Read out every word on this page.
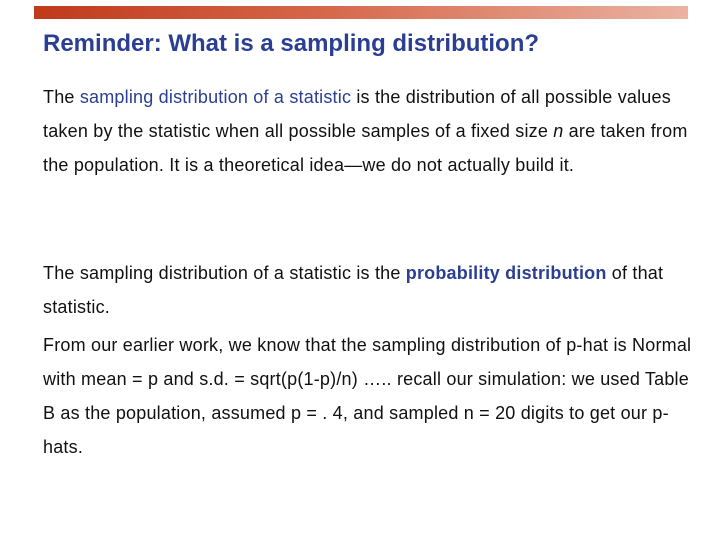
Reminder: What is a sampling distribution?
The sampling distribution of a statistic is the distribution of all possible values taken by the statistic when all possible samples of a fixed size n are taken from the population. It is a theoretical idea—we do not actually build it.
The sampling distribution of a statistic is the probability distribution of that statistic.
From our earlier work, we know that the sampling distribution of p-hat is Normal with mean = p and s.d. = sqrt(p(1-p)/n) ….. recall our simulation: we used Table B as the population, assumed p = . 4, and sampled n = 20 digits to get our p-hats.
